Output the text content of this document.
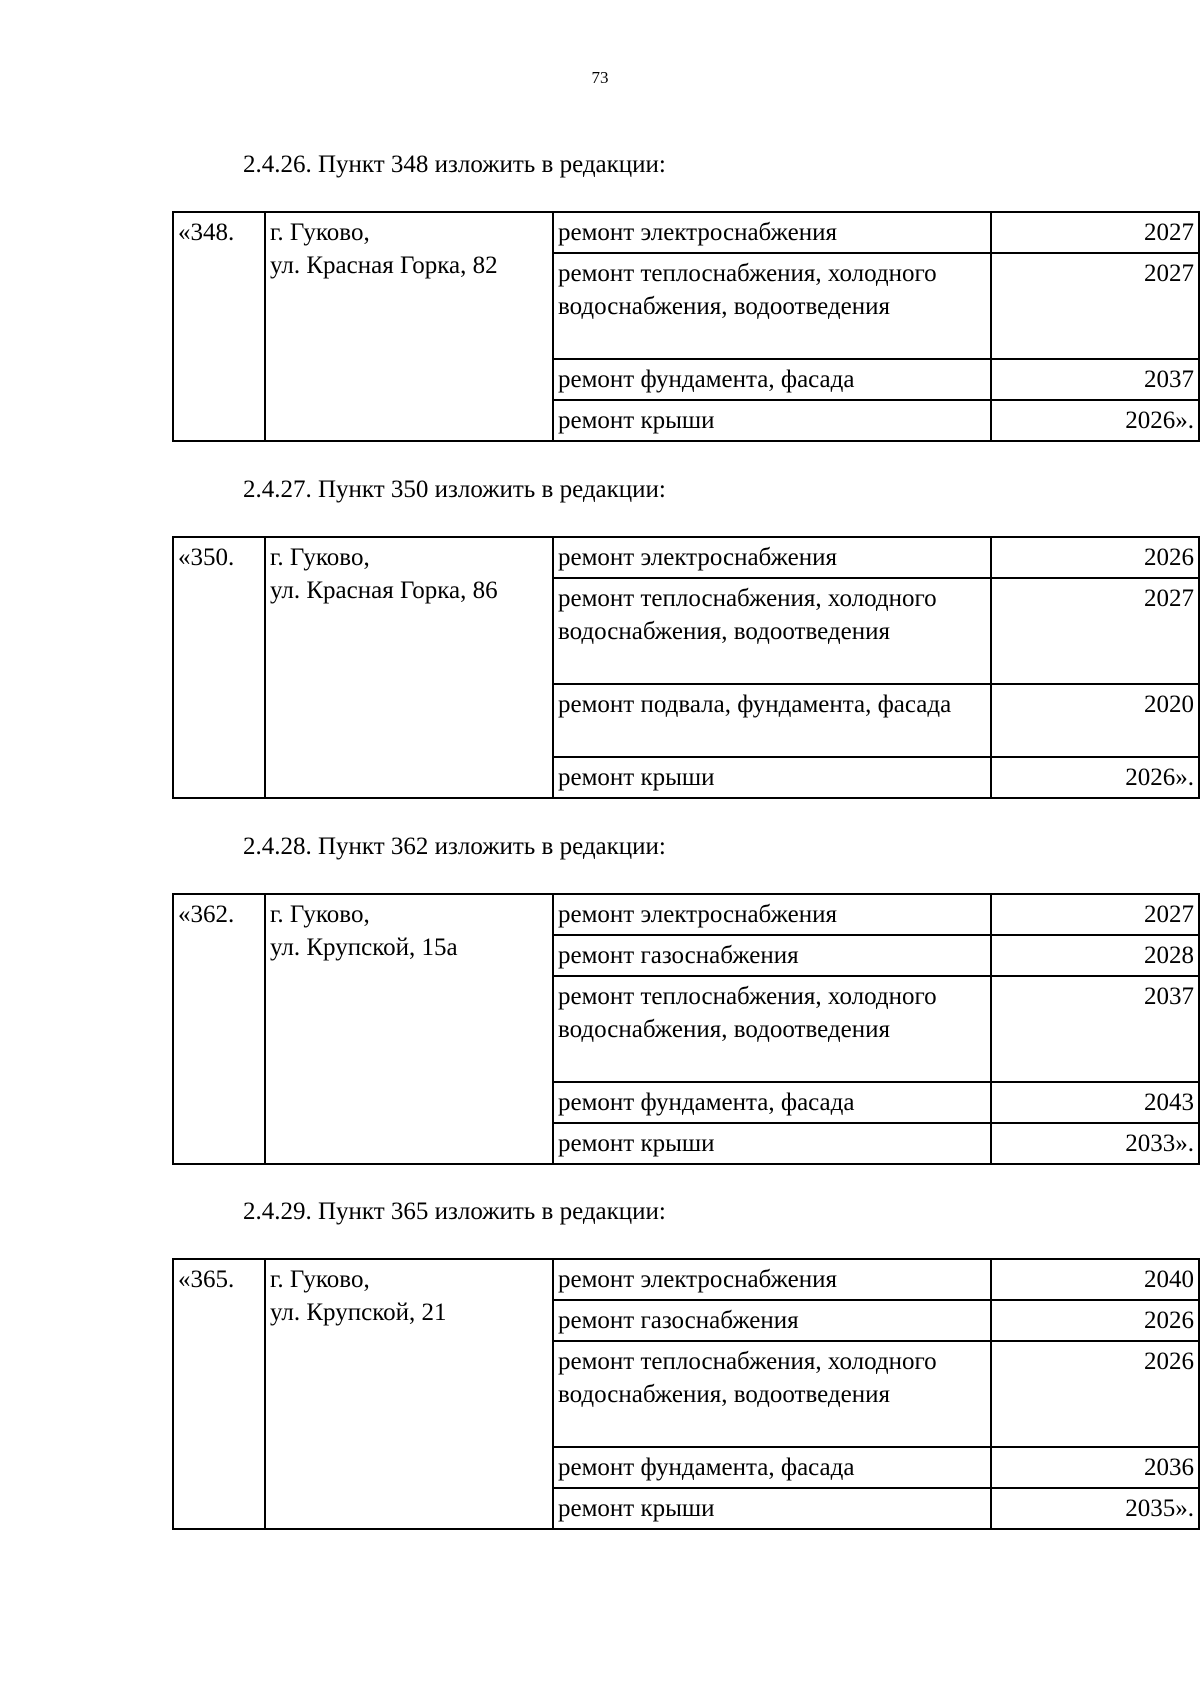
73
2.4.26. Пункт 348 изложить в редакции:
«348.	г. Гуково,
ул. Красная Горка, 82	ремонт электроснабжения	2027
		ремонт теплоснабжения, холодного водоснабжения, водоотведения	2027
		ремонт фундамента, фасада	2037
		ремонт крыши	2026».
2.4.27. Пункт 350 изложить в редакции:
«350.	г. Гуково,
ул. Красная Горка, 86	ремонт электроснабжения	2026
		ремонт теплоснабжения, холодного водоснабжения, водоотведения	2027
		ремонт подвала, фундамента, фасада	2020
		ремонт крыши	2026».
2.4.28. Пункт 362 изложить в редакции:
«362.	г. Гуково,
ул. Крупской, 15а	ремонт электроснабжения	2027
		ремонт газоснабжения	2028
		ремонт теплоснабжения, холодного водоснабжения, водоотведения	2037
		ремонт фундамента, фасада	2043
		ремонт крыши	2033».
2.4.29. Пункт 365 изложить в редакции:
«365.	г. Гуково,
ул. Крупской, 21	ремонт электроснабжения	2040
		ремонт газоснабжения	2026
		ремонт теплоснабжения, холодного водоснабжения, водоотведения	2026
		ремонт фундамента, фасада	2036
		ремонт крыши	2035».
